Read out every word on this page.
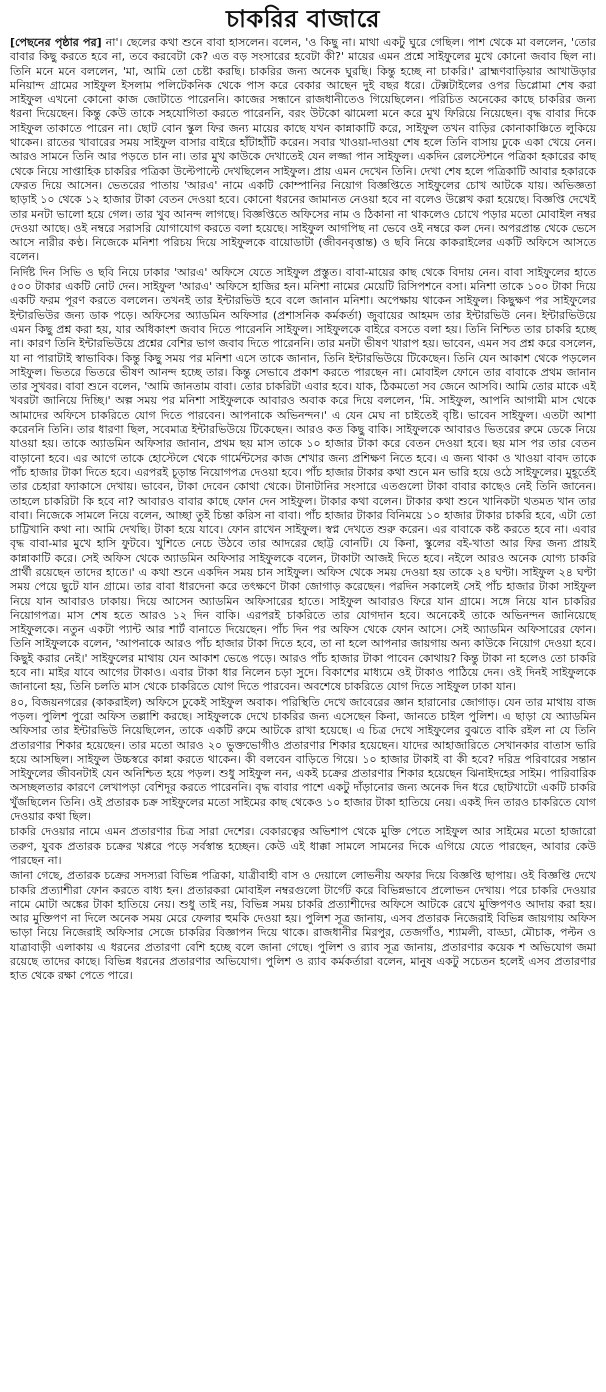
চাকরির বাজারে

[পেছনের পৃষ্ঠার পর] না'। ছেলের কথা শুনে বাবা হাসলেন। বলেন, 'ও কিছু না। মাথা একটু ঘুরে গেছিল। পাশ থেকে মা বললেন, 'তোর বাবার কিছু করতে হবে না, তবে করবেটা কে? এত বড় সংসারের হবেটা কী?' মায়ের এমন প্রশ্নে সাইফুলের মুখে কোনো জবাব ছিল না। তিনি মনে মনে বললেন, 'মা, আমি তো চেষ্টা করছি। চাকরির জন্য অনেক ঘুরছি। কিন্তু হচ্ছে না চাকরি।' ব্রাহ্মণবাড়িয়ার আখাউড়ার মনিয়ান্দ গ্রামের সাইফুল ইসলাম পলিটেকনিক থেকে পাস করে বেকার আছেন দুই বছর ধরে। টেক্সটাইলের ওপর ডিপ্লোমা শেষ করা সাইফুল এখনো কোনো কাজ জোটাতে পারেননি। কাজের সন্ধানে রাজধানীতেও গিয়েছিলেন। পরিচিত অনেকের কাছে চাকরির জন্য ধরনা দিয়েছেন। কিন্তু কেউ তাকে সহযোগিতা করতে পারেননি, বরং উটকো ঝামেলা মনে করে মুখ ফিরিয়ে নিয়েছেন। বৃদ্ধ বাবার দিকে সাইফুল তাকাতে পারেন না। ছোট বোন স্কুল ফির জন্য মায়ের কাছে যখন কান্নাকাটি করে, সাইফুল তখন বাড়ির কোনাকাঞ্চিতে লুকিয়ে থাকেন। রাতের খাবারের সময় সাইফুল বাসার বাইরে হাঁটাহাঁটি করেন। সবার খাওয়া-দাওয়া শেষ হলে তিনি বাসায় ঢুকে একা খেয়ে নেন। আরও সামনে তিনি আর পড়তে চান না। তার মুখ কাউকে দেখাতেই যেন লজ্জা পান সাইফুল। একদিন রেলস্টেশনে পত্রিকা হকারের কাছ থেকে নিয়ে সাপ্তাহিক চাকরির পত্রিকা উল্টেপাল্টে দেখছিলেন সাইফুল। প্রায় এমন দেখেন তিনি। দেখা শেষ হলে পত্রিকাটি আবার হকারকে ফেরত দিয়ে আসেন। ভেতরের পাতায় 'আরএ' নামে একটি কোম্পানির নিয়োগ বিজ্ঞপ্তিতে সাইফুলের চোখ আটকে যায়। অভিজ্ঞতা ছাড়াই ১০ থেকে ১২ হাজার টাকা বেতন দেওয়া হবে। কোনো ধরনের জামানত নেওয়া হবে না বলেও উল্লেখ করা হয়েছে। বিজ্ঞপ্তি দেখেই তার মনটা ভালো হয়ে গেল। তার খুব আনন্দ লাগছে। বিজ্ঞপ্তিতে অফিসের নাম ও ঠিকানা না থাকলেও চোখে পড়ার মতো মোবাইল নম্বর দেওয়া আছে। ওই নম্বরে সরাসরি যোগাযোগ করতে বলা হয়েছে। সাইফুল আগপিছ না ভেবে ওই নম্বরে কল দেন। অপরপ্রান্ত থেকে ভেসে আসে নারীর কণ্ঠ। নিজেকে মনিশা পরিচয় দিয়ে সাইফুলকে বায়োডাটা (জীবনবৃত্তান্ত) ও ছবি নিয়ে কাকরাইলের একটি অফিসে আসতে বলেন।

নির্দিষ্ট দিন সিভি ও ছবি নিয়ে ঢাকার 'আরএ' অফিসে যেতে সাইফুল প্রস্তুত। বাবা-মায়ের কাছ থেকে বিদায় নেন। বাবা সাইফুলের হাতে ৫০০ টাকার একটি নোট দেন। সাইফুল 'আরএ' অফিসে হাজির হন। মনিশা নামের মেয়েটি রিসিপশনে বসা। মনিশা তাকে ১০০ টাকা দিয়ে একটি ফরম পূরণ করতে বললেন। তখনই তার ইন্টারভিউ হবে বলে জানান মনিশা। অপেক্ষায় থাকেন সাইফুল। কিছুক্ষণ পর সাইফুলের ইন্টারভিউর জন্য ডাক পড়ে। অফিসের অ্যাডমিন অফিসার (প্রশাসনিক কর্মকর্তা) জুবায়ের আহমদ তার ইন্টারভিউ নেন। ইন্টারভিউয়ে এমন কিছু প্রশ্ন করা হয়, যার অধিকাংশ জবাব দিতে পারেননি সাইফুল। সাইফুলকে বাইরে বসতে বলা হয়। তিনি নিশ্চিত তার চাকরি হচ্ছে না। কারণ তিনি ইন্টারভিউয়ে প্রশ্নের বেশির ভাগ জবাব দিতে পারেননি। তার মনটা ভীষণ খারাপ হয়। ভাবেন, এমন সব প্রশ্ন করে বসলেন, যা না পারাটাই স্বাভাবিক। কিন্তু কিছু সময় পর মনিশা এসে তাকে জানান, তিনি ইন্টারভিউয়ে টিকেছেন। তিনি যেন আকাশ থেকে পড়লেন সাইফুল। ভিতরে ভিতরে ভীষণ আনন্দ হচ্ছে তার। কিন্তু সেভাবে প্রকাশ করতে পারছেন না। মোবাইল ফোনে তার বাবাকে প্রথম জানান তার সুখবর। বাবা শুনে বলেন, 'আমি জানতাম বাবা। তোর চাকরিটা এবার হবে। যাক, ঠিকমতো সব জেনে আসবি। আমি তোর মাকে এই খবরটা জানিয়ে দিচ্ছি।' অল্প সময় পর মনিশা সাইফুলকে আবারও অবাক করে দিয়ে বললেন, 'মি. সাইফুল, আপনি আগামী মাস থেকে আমাদের অফিসে চাকরিতে যোগ দিতে পারবেন। আপনাকে অভিনন্দন।' এ যেন মেঘ না চাইতেই বৃষ্টি। ভাবেন সাইফুল। এতটা আশা করেননি তিনি। তার ধারণা ছিল, সবেমাত্র ইন্টারভিউয়ে টিকেছেন। আরও কত কিছু বাকি। সাইফুলকে আবারও ভিতরের রুমে ডেকে নিয়ে যাওয়া হয়। তাকে অ্যাডমিন অফিসার জানান, প্রথম ছয় মাস তাকে ১০ হাজার টাকা করে বেতন দেওয়া হবে। ছয় মাস পর তার বেতন বাড়ানো হবে। এর আগে তাকে হোস্টেলে থেকে গার্মেন্টসের কাজ শেখার জন্য প্রশিক্ষণ নিতে হবে। এ জন্য থাকা ও খাওয়া বাবদ তাকে পাঁচ হাজার টাকা দিতে হবে। এরপরই চূড়ান্ত নিয়োগপত্র দেওয়া হবে। পাঁচ হাজার টাকার কথা শুনে মন ভারি হয়ে ওঠে সাইফুলের। মুহূর্তেই তার চেহারা ফ্যাকাসে দেখায়। ভাবেন, টাকা দেবেন কোথা থেকে। টানাটানির সংসারে এতগুলো টাকা বাবার কাছেও নেই তিনি জানেন। তাহলে চাকরিটা কি হবে না? আবারও বাবার কাছে ফোন দেন সাইফুল। টাকার কথা বলেন। টাকার কথা শুনে খানিকটা থতমত খান তার বাবা। নিজেকে সামলে নিয়ে বলেন, আচ্ছা তুই চিন্তা করিস না বাবা। পাঁচ হাজার টাকার বিনিময়ে ১০ হাজার টাকার চাকরি হবে, এটা তো চাট্টিখানি কথা না। আমি দেখছি। টাকা হয়ে যাবে। ফোন রাখেন সাইফুল। স্বপ্ন দেখতে শুরু করেন। এর বাবাকে কষ্ট করতে হবে না। এবার বৃদ্ধ বাবা-মার মুখে হাসি ফুটবে। খুশিতে নেচে উঠবে তার আদরের ছোট্ট বোনটি। যে কিনা, স্কুলের বই-খাতা আর ফির জন্য প্রায়ই কান্নাকাটি করে। সেই অফিস থেকে অ্যাডমিন অফিসার সাইফুলকে বলেন, টাকাটা আজই দিতে হবে। নইলে আরও অনেক যোগ্য চাকরি প্রার্থী রয়েছেন তাদের হাতে।' এ কথা শুনে একদিন সময় চান সাইফুল। অফিস থেকে সময় দেওয়া হয় তাকে ২৪ ঘণ্টা। সাইফুল ২৪ ঘণ্টা সময় পেয়ে ছুটে যান গ্রামে। তার বাবা ধারদেনা করে তৎক্ষণে টাকা জোগাড় করেছেন। পরদিন সকালেই সেই পাঁচ হাজার টাকা সাইফুল নিয়ে যান আবারও ঢাকায়। দিয়ে আসেন অ্যাডমিন অফিসারের হাতে। সাইফুল আবারও ফিরে যান গ্রামে। সঙ্গে নিয়ে যান চাকরির নিয়োগপত্র। মাস শেষ হতে আরও ১২ দিন বাকি। এরপরই চাকরিতে তার যোগদান হবে। অনেকেই তাকে অভিনন্দন জানিয়েছে সাইফুলকে। নতুন একটা প্যান্ট আর শার্ট বানাতে দিয়েছেন। পাঁচ দিন পর অফিস থেকে ফোন আসে। সেই অ্যাডমিন অফিসারের ফোন। তিনি সাইফুলকে বলেন, 'আপনাকে আরও পাঁচ হাজার টাকা দিতে হবে, তা না হলে আপনার জায়গায় অন্য কাউকে নিয়োগ দেওয়া হবে। কিছুই করার নেই।' সাইফুলের মাথায় যেন আকাশ ভেঙে পড়ে। আরও পাঁচ হাজার টাকা পাবেন কোথায়? কিন্তু টাকা না হলেও তো চাকরি হবে না। মাইর যাবে আগের টাকাও। এবার টাকা ধার নিলেন চড়া সুদে। বিকাশের মাধ্যমে ওই টাকাও পাঠিয়ে দেন। ওই দিনই সাইফুলকে জানানো হয়, তিনি চলতি মাস থেকে চাকরিতে যোগ দিতে পারবেন। অবশেষে চাকরিতে যোগ দিতে সাইফুল ঢাকা যান।

৪০, বিজয়নগরের (কাকরাইল) অফিসে ঢুকেই সাইফুল অবাক। পরিস্থিতি দেখে জাবেরের জ্ঞান হারানোর জোগাড়। যেন তার মাথায় বাজ পড়ল। পুলিশ পুরো অফিস তল্লাশি করছে। সাইফুলকে দেখে চাকরির জন্য এসেছেন কিনা, জানতে চাইল পুলিশ। এ ছাড়া যে অ্যাডমিন অফিসার তার ইন্টারভিউ নিয়েছিলেন, তাকে একটি রুমে আটকে রাখা হয়েছে। এ চিত্র দেখে সাইফুলের বুঝতে বাকি রইল না যে তিনি প্রতারণার শিকার হয়েছেন। তার মতো আরও ২০ ভুক্তভোগীও প্রতারণার শিকার হয়েছেন। যাদের আহাজারিতে সেখানকার বাতাস ভারি হয়ে আসছিল। সাইফুল উচ্চস্বরে কান্না করতে থাকেন। কী বলবেন বাড়িতে গিয়ে। ১০ হাজার টাকাই বা কী হবে? দরিদ্র পরিবারের সন্তান সাইফুলের জীবনটাই যেন অনিশ্চিত হয়ে পড়ল। শুধু সাইফুল নন, একই চক্রের প্রতারণার শিকার হয়েছেন ঝিনাইদহের সাইম। পারিবারিক অসচ্ছলতার কারণে লেখাপড়া বেশিদূর করতে পারেননি। বৃদ্ধ বাবার পাশে একটু দাঁড়ানোর জন্য অনেক দিন ধরে ছোটখাটো একটি চাকরি খুঁজছিলেন তিনি। ওই প্রতারক চক্র সাইফুলের মতো সাইমের কাছ থেকেও ১০ হাজার টাকা হাতিয়ে নেয়। একই দিন তারও চাকরিতে যোগ দেওয়ার কথা ছিল।

চাকরি দেওয়ার নামে এমন প্রতারণার চিত্র সারা দেশের। বেকারত্বের অভিশাপ থেকে মুক্তি পেতে সাইফুল আর সাইমের মতো হাজারো তরুণ, যুবক প্রতারক চক্রের খপ্পরে পড়ে সর্বস্বান্ত হচ্ছেন। কেউ এই ধাক্কা সামলে সামনের দিকে এগিয়ে যেতে পারছেন, আবার কেউ পারছেন না।

জানা গেছে, প্রতারক চক্রের সদস্যরা বিভিন্ন পত্রিকা, যাত্রীবাহী বাস ও দেয়ালে লোভনীয় অফার দিয়ে বিজ্ঞপ্তি ছাপায়। ওই বিজ্ঞপ্তি দেখে চাকরি প্রত্যাশীরা ফোন করতে বাধ্য হন। প্রতারকরা মোবাইল নম্বরগুলো টার্গেট করে বিভিন্নভাবে প্রলোভন দেখায়। পরে চাকরি দেওয়ার নামে মোটা অঙ্কের টাকা হাতিয়ে নেয়। শুধু তাই নয়, বিভিন্ন সময় চাকরি প্রত্যাশীদের অফিসে আটকে রেখে মুক্তিপণও আদায় করা হয়। আর মুক্তিপণ না দিলে অনেক সময় মেরে ফেলার হুমকি দেওয়া হয়। পুলিশ সূত্র জানায়, এসব প্রতারক নিজেরাই বিভিন্ন জায়গায় অফিস ভাড়া নিয়ে নিজেরাই অফিসার সেজে চাকরির বিজ্ঞাপন দিয়ে থাকে। রাজধানীর মিরপুর, তেজগাঁও, শ্যামলী, বাড্ডা, মৌচাক, পল্টন ও যাত্রাবাড়ী এলাকায় এ ধরনের প্রতারণা বেশি হচ্ছে বলে জানা গেছে। পুলিশ ও র‌্যাব সূত্র জানায়, প্রতারণার কয়েক শ অভিযোগ জমা রয়েছে তাদের কাছে। বিভিন্ন ধরনের প্রতারণার অভিযোগ। পুলিশ ও র‌্যাব কর্মকর্তারা বলেন, মানুষ একটু সচেতন হলেই এসব প্রতারণার হাত থেকে রক্ষা পেতে পারে।
